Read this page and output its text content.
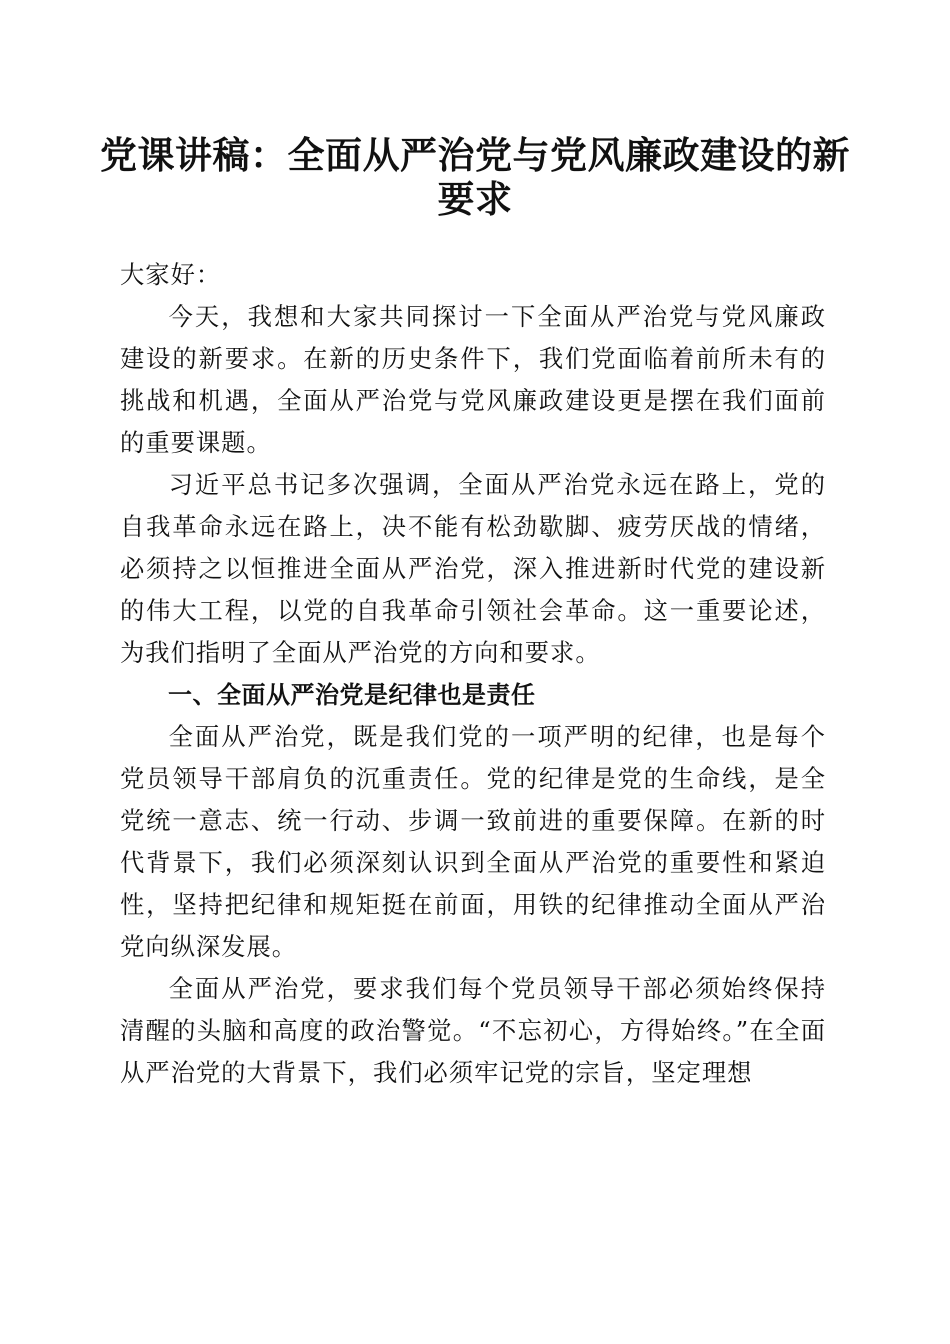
党课讲稿：全面从严治党与党风廉政建设的新要求

大家好：

今天，我想和大家共同探讨一下全面从严治党与党风廉政建设的新要求。在新的历史条件下，我们党面临着前所未有的挑战和机遇，全面从严治党与党风廉政建设更是摆在我们面前的重要课题。

习近平总书记多次强调，全面从严治党永远在路上，党的自我革命永远在路上，决不能有松劲歇脚、疲劳厌战的情绪，必须持之以恒推进全面从严治党，深入推进新时代党的建设新的伟大工程，以党的自我革命引领社会革命。这一重要论述，为我们指明了全面从严治党的方向和要求。

一、全面从严治党是纪律也是责任

全面从严治党，既是我们党的一项严明的纪律，也是每个党员领导干部肩负的沉重责任。党的纪律是党的生命线，是全党统一意志、统一行动、步调一致前进的重要保障。在新的时代背景下，我们必须深刻认识到全面从严治党的重要性和紧迫性，坚持把纪律和规矩挺在前面，用铁的纪律推动全面从严治党向纵深发展。

全面从严治党，要求我们每个党员领导干部必须始终保持清醒的头脑和高度的政治警觉。“不忘初心，方得始终。”在全面从严治党的大背景下，我们必须牢记党的宗旨，坚定理想
